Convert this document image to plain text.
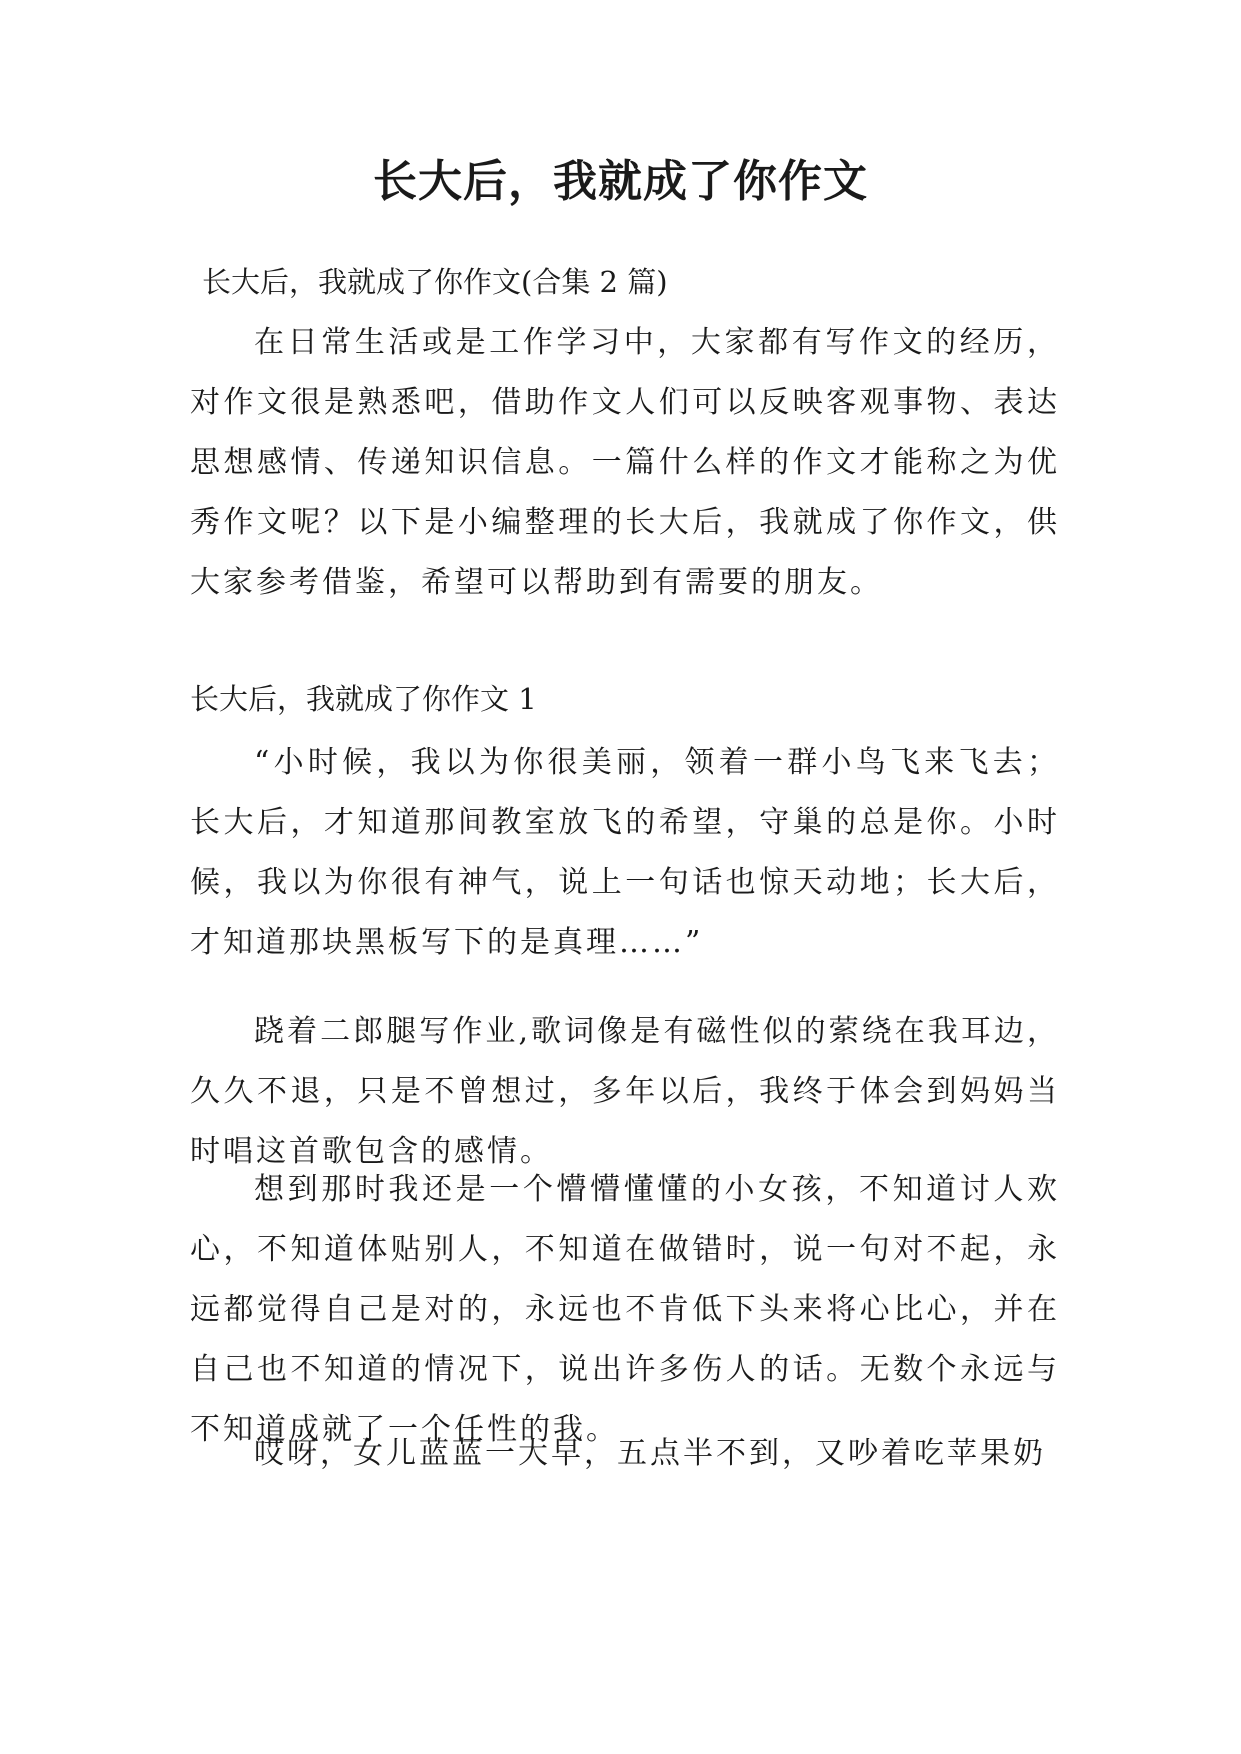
长大后，我就成了你作文

长大后，我就成了你作文(合集 2 篇)

在日常生活或是工作学习中，大家都有写作文的经历，对作文很是熟悉吧，借助作文人们可以反映客观事物、表达思想感情、传递知识信息。一篇什么样的作文才能称之为优秀作文呢？以下是小编整理的长大后，我就成了你作文，供大家参考借鉴，希望可以帮助到有需要的朋友。

长大后，我就成了你作文 1

“小时候，我以为你很美丽，领着一群小鸟飞来飞去；长大后，才知道那间教室放飞的希望，守巢的总是你。小时候，我以为你很有神气，说上一句话也惊天动地；长大后，才知道那块黑板写下的是真理……”

跷着二郎腿写作业,歌词像是有磁性似的萦绕在我耳边，久久不退，只是不曾想过，多年以后，我终于体会到妈妈当时唱这首歌包含的感情。

想到那时我还是一个懵懵懂懂的小女孩，不知道讨人欢心，不知道体贴别人，不知道在做错时，说一句对不起，永远都觉得自己是对的，永远也不肯低下头来将心比心，并在自己也不知道的情况下，说出许多伤人的话。无数个永远与不知道成就了一个任性的我。

哎呀，女儿蓝蓝一大早，五点半不到，又吵着吃苹果奶
